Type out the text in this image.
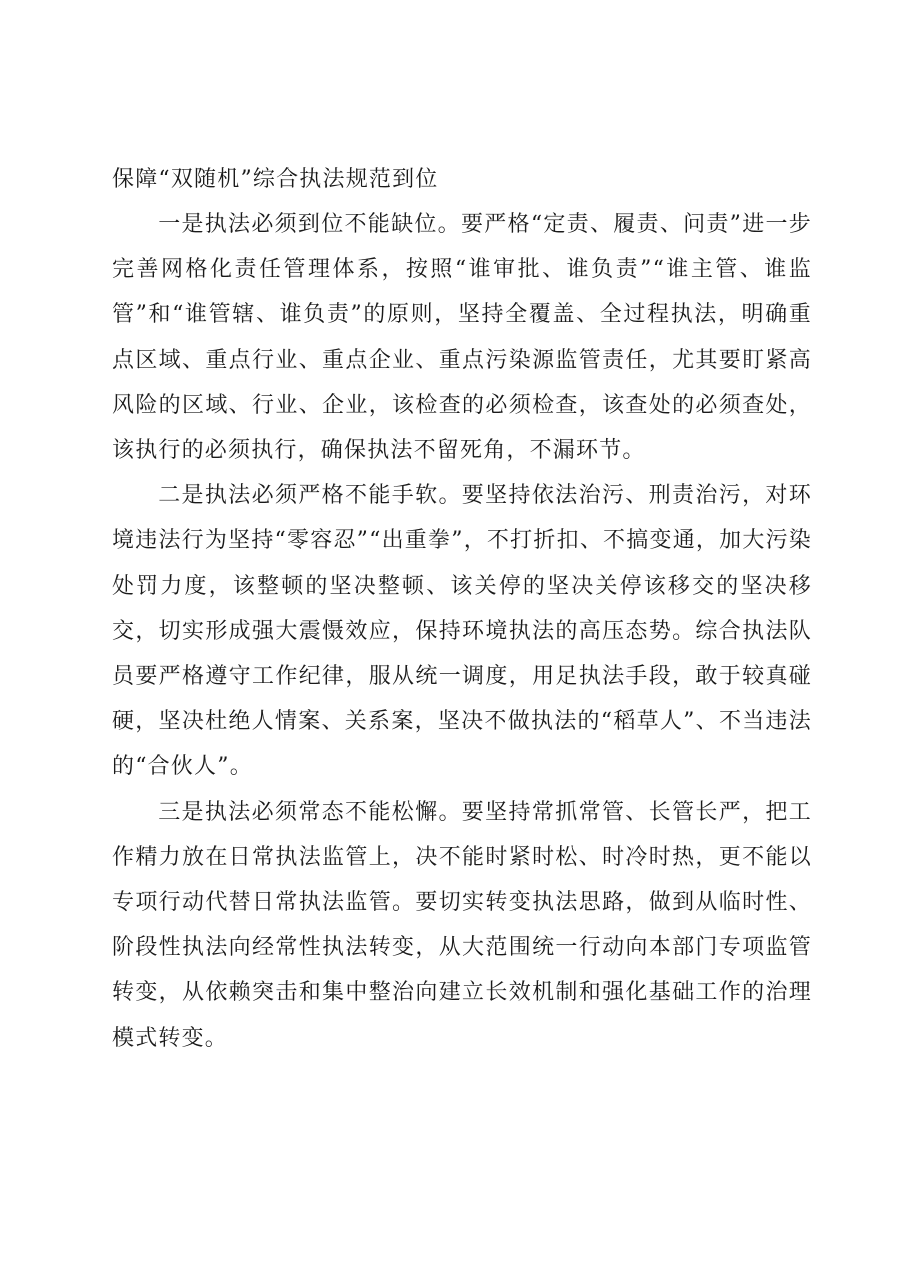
保障“双随机”综合执法规范到位

一是执法必须到位不能缺位。要严格“定责、履责、问责”进一步完善网格化责任管理体系，按照“谁审批、谁负责”“谁主管、谁监管”和“谁管辖、谁负责”的原则，坚持全覆盖、全过程执法，明确重点区域、重点行业、重点企业、重点污染源监管责任，尤其要盯紧高风险的区域、行业、企业，该检查的必须检查，该查处的必须查处，该执行的必须执行，确保执法不留死角，不漏环节。

二是执法必须严格不能手软。要坚持依法治污、刑责治污，对环境违法行为坚持“零容忍”“出重拳”，不打折扣、不搞变通，加大污染处罚力度，该整顿的坚决整顿、该关停的坚决关停该移交的坚决移交，切实形成强大震慑效应，保持环境执法的高压态势。综合执法队员要严格遵守工作纪律，服从统一调度，用足执法手段，敢于较真碰硬，坚决杜绝人情案、关系案，坚决不做执法的“稻草人”、不当违法的“合伙人”。

三是执法必须常态不能松懈。要坚持常抓常管、长管长严，把工作精力放在日常执法监管上，决不能时紧时松、时冷时热，更不能以专项行动代替日常执法监管。要切实转变执法思路，做到从临时性、阶段性执法向经常性执法转变，从大范围统一行动向本部门专项监管转变，从依赖突击和集中整治向建立长效机制和强化基础工作的治理模式转变。
